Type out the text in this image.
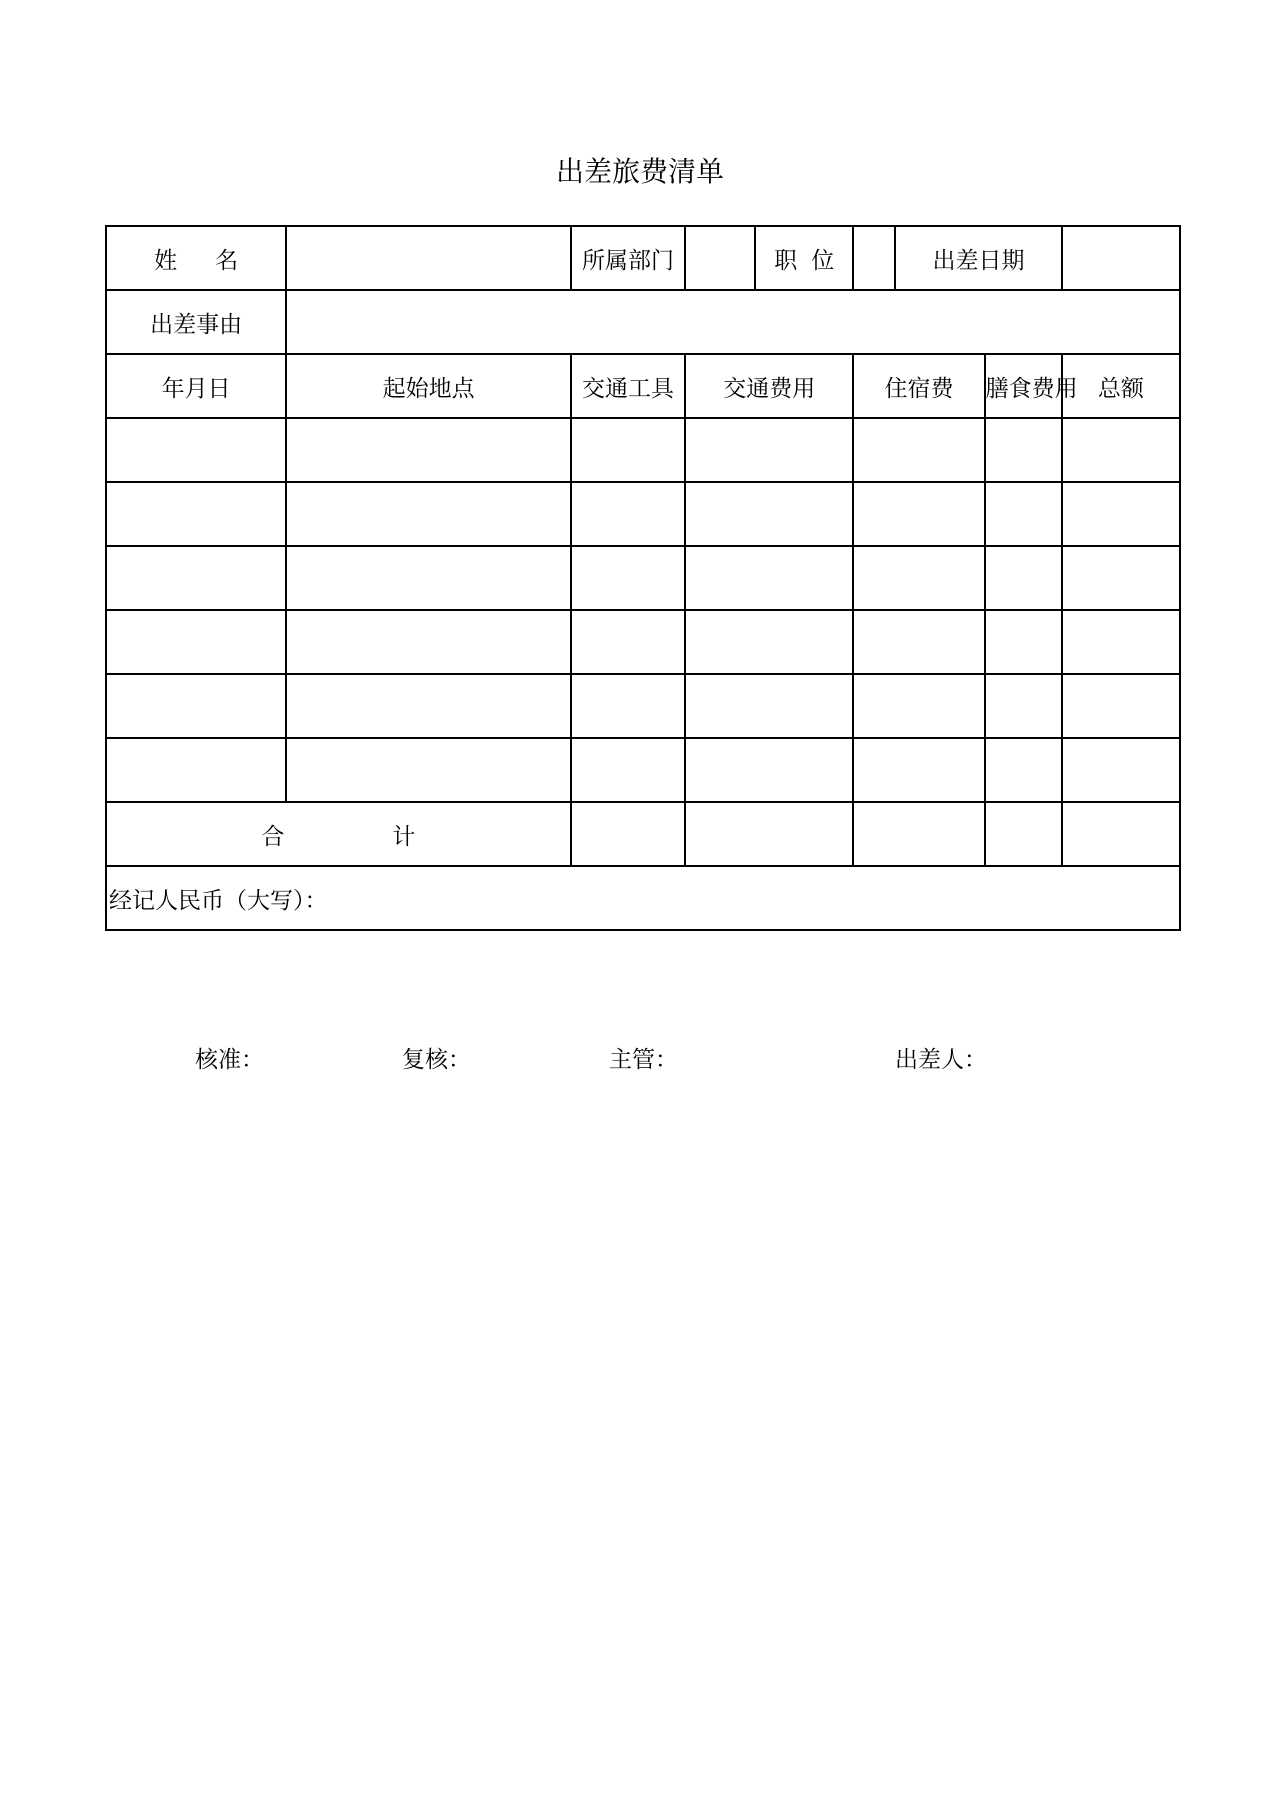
出差旅费清单
姓 名		所属部门		职 位		出差日期		
出差事由								
年月日	起始地点	交通工具	交通费用		住宿费		膳食费用	总额

合 计								
经记人民币（大写）：								
核准：	复核：	主管：	出差人：
